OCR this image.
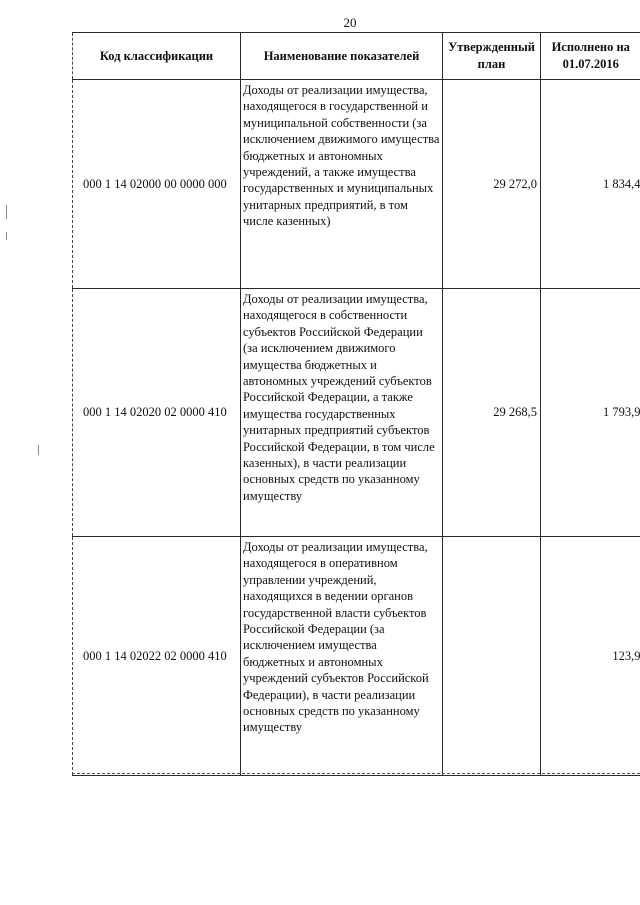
20
Код классификации	Наименование показателей	Утвержденный план	Исполнено на 01.07.2016
000 1 14 02000 00 0000 000	Доходы от реализации имущества, находящегося в государственной и муниципальной собственности (за исключением движимого имущества бюджетных и автономных учреждений, а также имущества государственных и муниципальных унитарных предприятий, в том числе казенных)	29 272,0	1 834,4
000 1 14 02020 02 0000 410	Доходы от реализации имущества, находящегося в собственности субъектов Российской Федерации (за исключением движимого имущества бюджетных и автономных учреждений субъектов Российской Федерации, а также имущества государственных унитарных предприятий субъектов Российской Федерации, в том числе казенных), в части реализации основных средств по указанному имуществу	29 268,5	1 793,9
000 1 14 02022 02 0000 410	Доходы от реализации имущества, находящегося в оперативном управлении учреждений, находящихся в ведении органов государственной власти субъектов Российской Федерации (за исключением имущества бюджетных и автономных учреждений субъектов Российской Федерации), в части реализации основных средств по указанному имуществу		123,9
